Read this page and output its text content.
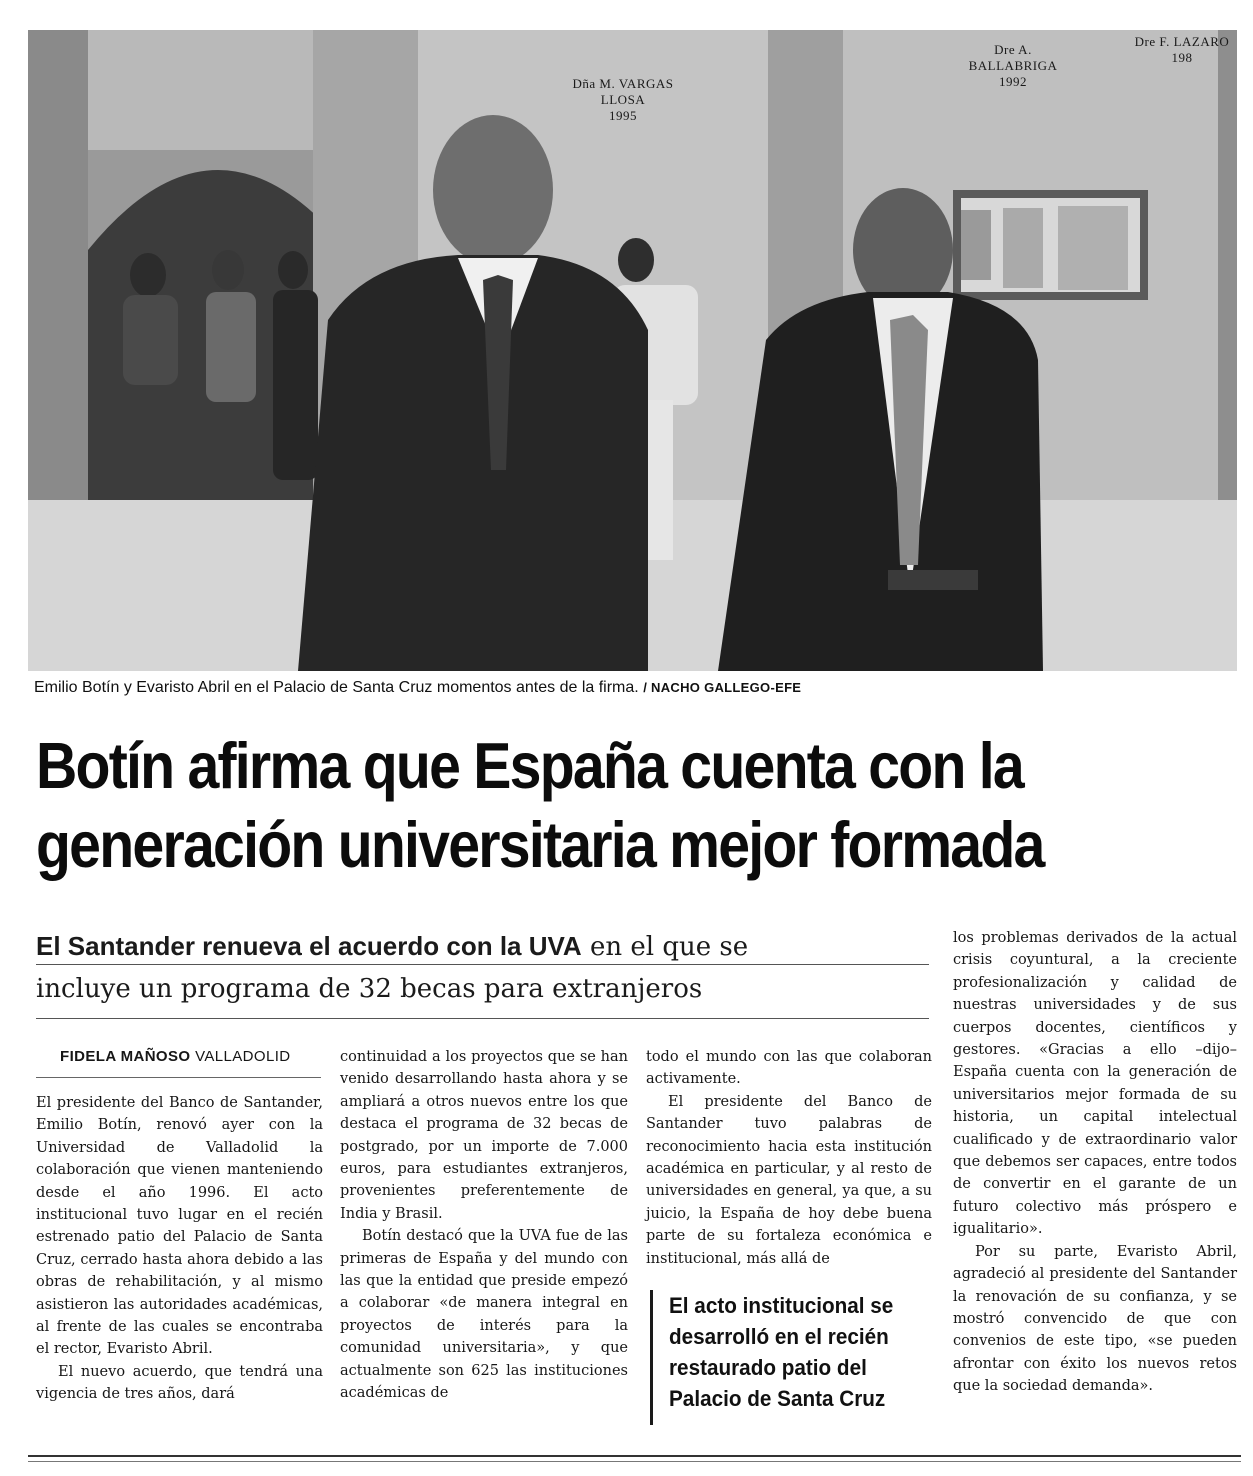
Dña M. VARGAS LLOSA
1995
Dre A. BALLABRIGA
1992
Dre F. LAZARO
198
Emilio Botín y Evaristo Abril en el Palacio de Santa Cruz momentos antes de la firma. / NACHO GALLEGO-EFE
Botín afirma que España cuenta con la
generación universitaria mejor formada
El Santander renueva el acuerdo con la UVA en el que se
incluye un programa de 32 becas para extranjeros
FIDELA MAÑOSO VALLADOLID

El presidente del Banco de Santander, Emilio Botín, renovó ayer con la Universidad de Valladolid la colaboración que vienen manteniendo desde el año 1996. El acto institucional tuvo lugar en el recién estrenado patio del Palacio de Santa Cruz, cerrado hasta ahora debido a las obras de rehabilitación, y al mismo asistieron las autoridades académicas, al frente de las cuales se encontraba el rector, Evaristo Abril.

El nuevo acuerdo, que tendrá una vigencia de tres años, dará

continuidad a los proyectos que se han venido desarrollando hasta ahora y se ampliará a otros nuevos entre los que destaca el programa de 32 becas de postgrado, por un importe de 7.000 euros, para estudiantes extranjeros, provenientes preferentemente de India y Brasil.

Botín destacó que la UVA fue de las primeras de España y del mundo con las que la entidad que preside empezó a colaborar «de manera integral en proyectos de interés para la comunidad universitaria», y que actualmente son 625 las instituciones académicas de

todo el mundo con las que colaboran activamente.

El presidente del Banco de Santander tuvo palabras de reconocimiento hacia esta institución académica en particular, y al resto de universidades en general, ya que, a su juicio, la España de hoy debe buena parte de su fortaleza económica e institucional, más allá de

El acto institucional se
desarrolló en el recién
restaurado patio del
Palacio de Santa Cruz

los problemas derivados de la actual crisis coyuntural, a la creciente profesionalización y calidad de nuestras universidades y de sus cuerpos docentes, científicos y gestores. «Gracias a ello –dijo– España cuenta con la generación de universitarios mejor formada de su historia, un capital intelectual cualificado y de extraordinario valor que debemos ser capaces, entre todos de convertir en el garante de un futuro colectivo más próspero e igualitario».

Por su parte, Evaristo Abril, agradeció al presidente del Santander la renovación de su confianza, y se mostró convencido de que con convenios de este tipo, «se pueden afrontar con éxito los nuevos retos que la sociedad demanda».
